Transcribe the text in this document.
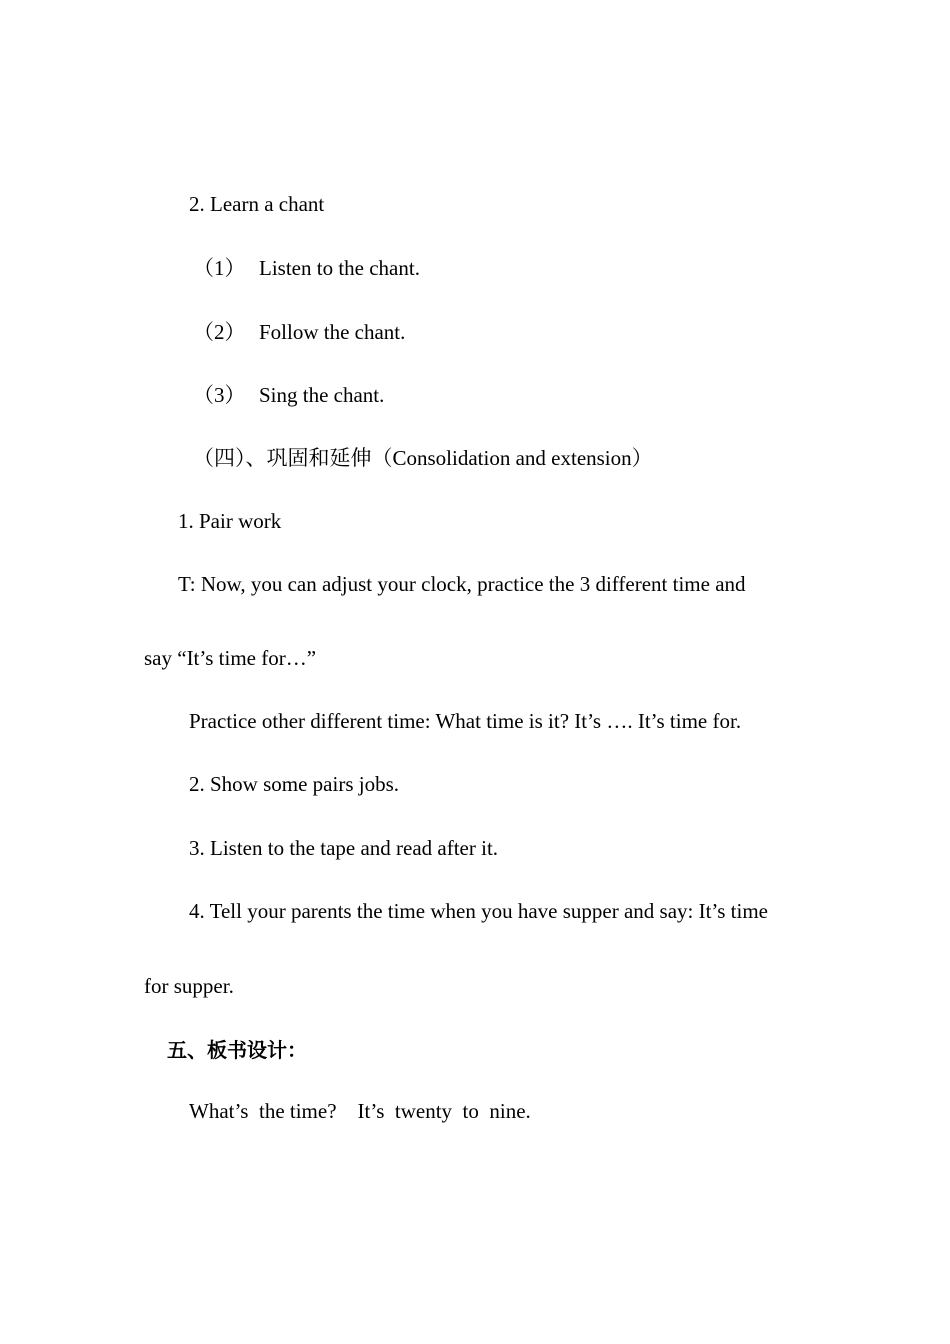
2. Learn a chant
（1） Listen to the chant.
（2） Follow the chant.
（3） Sing the chant.
（四）、巩固和延伸（Consolidation and extension）
1. Pair work
T: Now, you can adjust your clock, practice the 3 different time and
say “It’s time for…”
Practice other different time: What time is it? It’s …. It’s time for.
2. Show some pairs jobs.
3. Listen to the tape and read after it.
4. Tell your parents the time when you have supper and say: It’s time
for supper.
五、板书设计：
What’s  the time?    It’s  twenty  to  nine.
